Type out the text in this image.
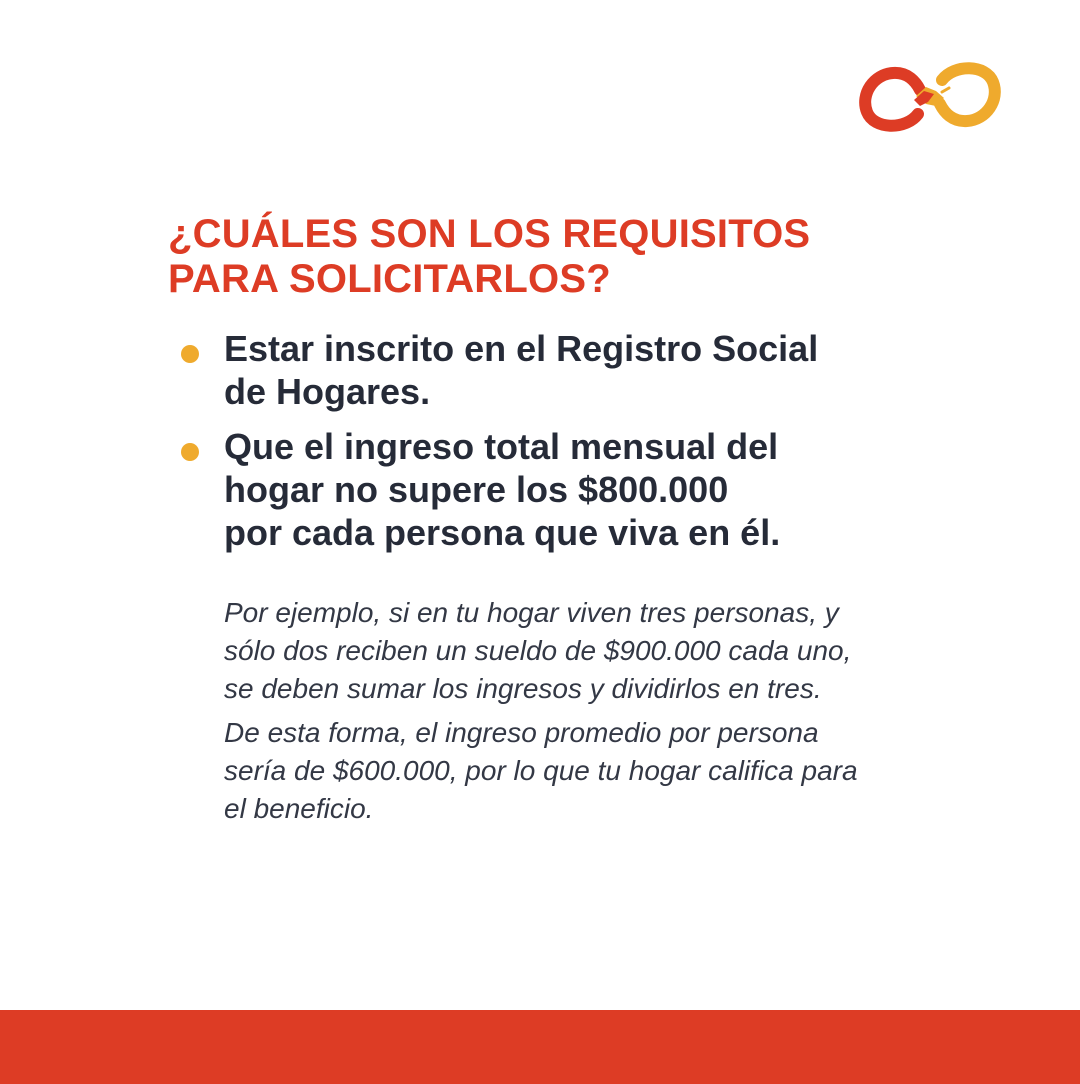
¿CUÁLES SON LOS REQUISITOS
PARA SOLICITARLOS?
Estar inscrito en el Registro Social
de Hogares.
Que el ingreso total mensual del
hogar no supere los $800.000
por cada persona que viva en él.

Por ejemplo, si en tu hogar viven tres personas, y
sólo dos reciben un sueldo de $900.000 cada uno,
se deben sumar los ingresos y dividirlos en tres.

De esta forma, el ingreso promedio por persona
sería de $600.000, por lo que tu hogar califica para
el beneficio.
